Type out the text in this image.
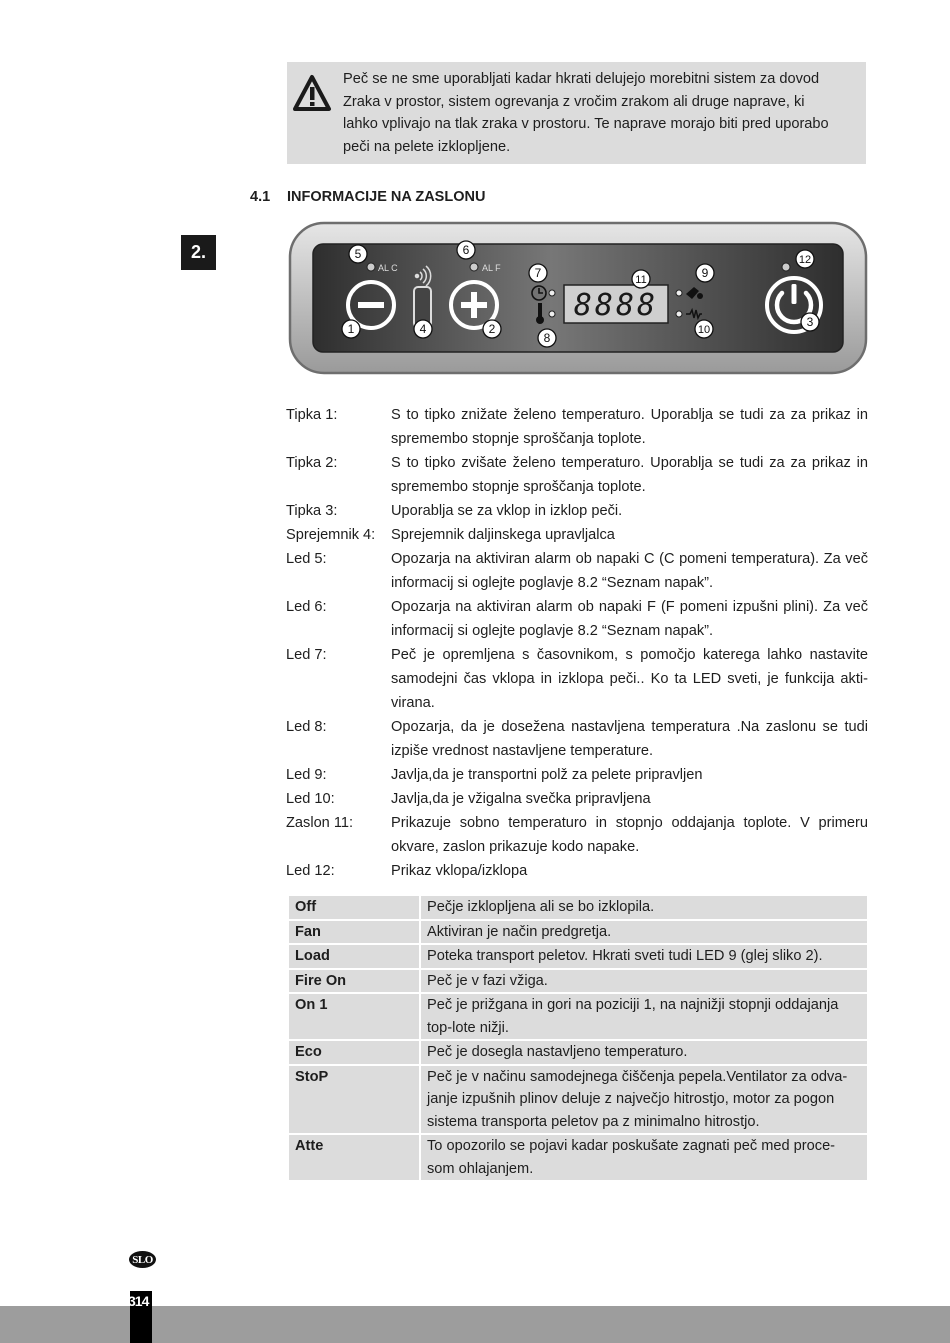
Peč se ne sme uporabljati kadar hkrati delujejo morebitni sistem za dovod
Zraka v prostor, sistem ogrevanja z vročim zrakom ali druge naprave, ki
lahko vplivajo na tlak zraka v prostoru. Te naprave morajo biti pred uporabo
peči na pelete izklopljene.

4.1 INFORMACIJE NA ZASLONU
2.
AL C	AL F
8888
1	2	3
4
5	6
7
8
9
10
11
12
Tipka 1:	S to tipko znižate želeno temperaturo. Uporablja se tudi za za prikaz in spremembo stopnje sproščanja toplote.
Tipka 2:	S to tipko zvišate želeno temperaturo. Uporablja se tudi za za prikaz in spremembo stopnje sproščanja toplote.
Tipka 3:	Uporablja se za vklop in izklop peči.
Sprejemnik 4:	Sprejemnik daljinskega upravljalca
Led 5:	Opozarja na aktiviran alarm ob napaki C (C pomeni temperatura). Za več informacij si oglejte poglavje 8.2 “Seznam napak”.
Led 6:	Opozarja na aktiviran alarm ob napaki F (F pomeni izpušni plini). Za več informacij si oglejte poglavje 8.2 “Seznam napak”.
Led 7:	Peč je opremljena s časovnikom, s pomočjo katerega lahko nastavite samodejni čas vklopa in izklopa peči.. Ko ta LED sveti, je funkcija akti-virana.
Led 8:	Opozarja, da je dosežena nastavljena temperatura .Na zaslonu se tudi izpiše vrednost nastavljene temperature.
Led 9:	Javlja,da je transportni polž za pelete pripravljen
Led 10:	Javlja,da je vžigalna svečka pripravljena
Zaslon 11:	Prikazuje sobno temperaturo in stopnjo oddajanja toplote. V primeru okvare, zaslon prikazuje kodo napake.
Led 12:	Prikaz vklopa/izklopa
Off	Pečje izklopljena ali se bo izklopila.
Fan	Aktiviran je način predgretja.
Load	Poteka transport peletov. Hkrati sveti tudi LED 9 (glej sliko 2).
Fire On	Peč je v fazi vžiga.
On 1	Peč je prižgana in gori na poziciji 1, na najnižji stopnji oddajanja top-lote nižji.
Eco	Peč je dosegla nastavljeno temperaturo.
StoP	Peč je v načinu samodejnega čiščenja pepela.Ventilator za odva-janje izpušnih plinov deluje z največjo hitrostjo, motor za pogon sistema transporta peletov pa z minimalno hitrostjo.
Atte	To opozorilo se pojavi kadar poskušate zagnati peč med proce-som ohlajanjem.
SLO
314
